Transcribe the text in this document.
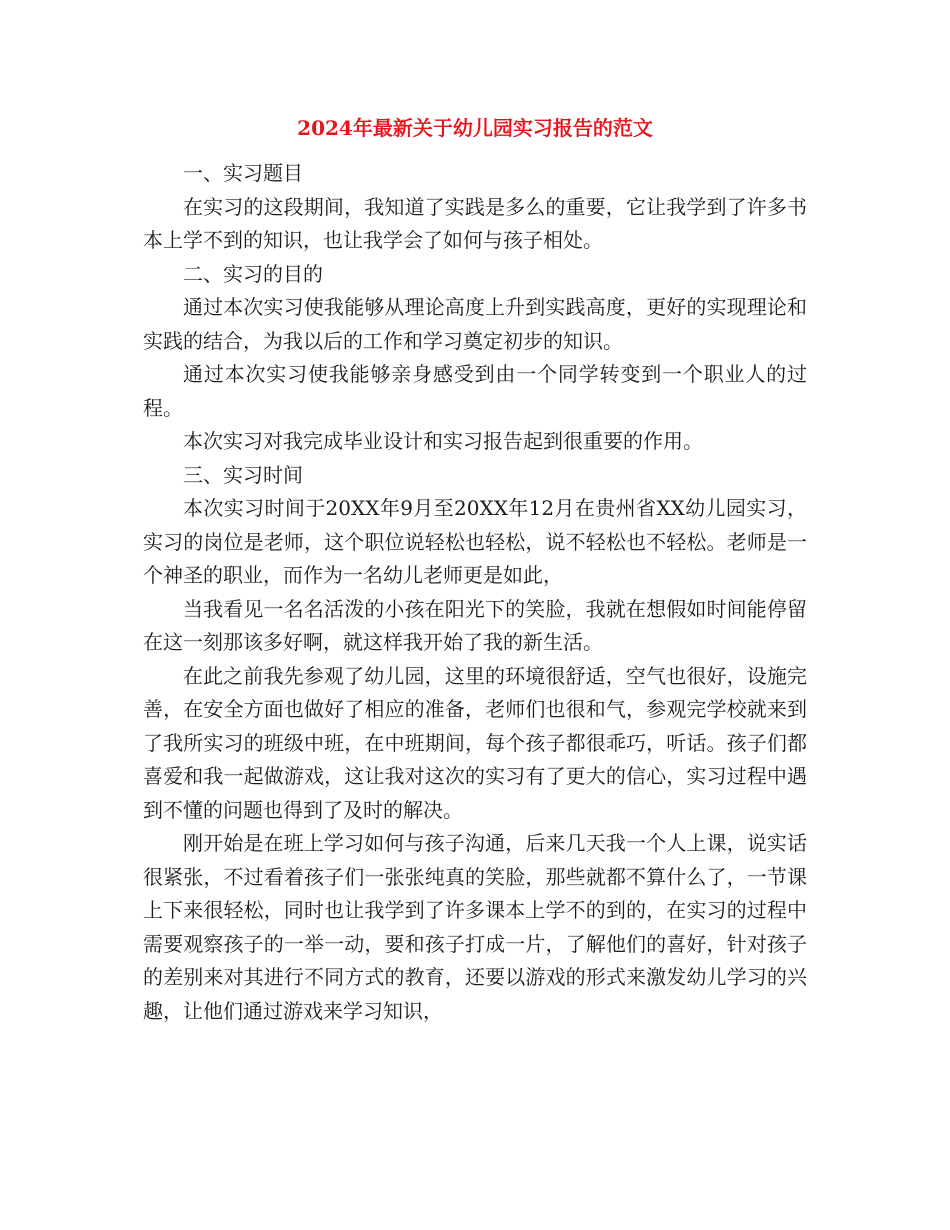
2024年最新关于幼儿园实习报告的范文

一、实习题目

在实习的这段期间，我知道了实践是多么的重要，它让我学到了许多书本上学不到的知识，也让我学会了如何与孩子相处。

二、实习的目的

通过本次实习使我能够从理论高度上升到实践高度，更好的实现理论和实践的结合，为我以后的工作和学习奠定初步的知识。

通过本次实习使我能够亲身感受到由一个同学转变到一个职业人的过程。

本次实习对我完成毕业设计和实习报告起到很重要的作用。

三、实习时间

本次实习时间于20XX年9月至20XX年12月在贵州省XX幼儿园实习，实习的岗位是老师，这个职位说轻松也轻松，说不轻松也不轻松。老师是一个神圣的职业，而作为一名幼儿老师更是如此，

当我看见一名名活泼的小孩在阳光下的笑脸，我就在想假如时间能停留在这一刻那该多好啊，就这样我开始了我的新生活。

在此之前我先参观了幼儿园，这里的环境很舒适，空气也很好，设施完善，在安全方面也做好了相应的准备，老师们也很和气，参观完学校就来到了我所实习的班级中班，在中班期间，每个孩子都很乖巧，听话。孩子们都喜爱和我一起做游戏，这让我对这次的实习有了更大的信心，实习过程中遇到不懂的问题也得到了及时的解决。

刚开始是在班上学习如何与孩子沟通，后来几天我一个人上课，说实话很紧张，不过看着孩子们一张张纯真的笑脸，那些就都不算什么了，一节课上下来很轻松，同时也让我学到了许多课本上学不的到的，在实习的过程中需要观察孩子的一举一动，要和孩子打成一片，了解他们的喜好，针对孩子的差别来对其进行不同方式的教育，还要以游戏的形式来激发幼儿学习的兴趣，让他们通过游戏来学习知识，
